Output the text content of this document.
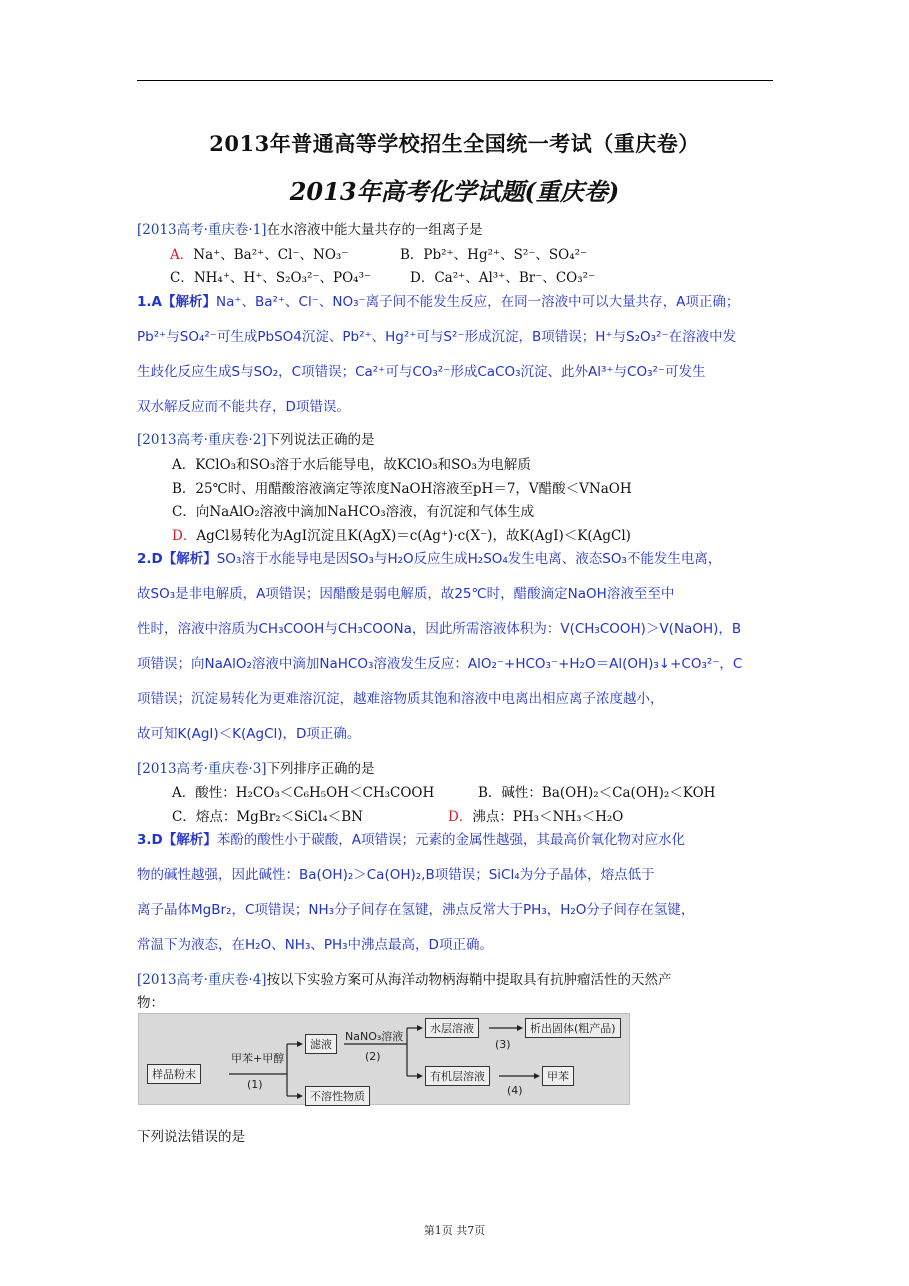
2013年普通高等学校招生全国统一考试（重庆卷）
2013年高考化学试题(重庆卷)
[2013高考·重庆卷·1]在水溶液中能大量共存的一组离子是
A．Na⁺、Ba²⁺、Cl⁻、NO₃⁻	B．Pb²⁺、Hg²⁺、S²⁻、SO₄²⁻
C．NH₄⁺、H⁺、S₂O₃²⁻、PO₄³⁻	D．Ca²⁺、Al³⁺、Br⁻、CO₃²⁻
1.A【解析】Na⁺、Ba²⁺、Cl⁻、NO₃⁻离子间不能发生反应，在同一溶液中可以大量共存，A项正确；
Pb²⁺与SO₄²⁻可生成PbSO4沉淀、Pb²⁺、Hg²⁺可与S²⁻形成沉淀，B项错误；H⁺与S₂O₃²⁻在溶液中发
生歧化反应生成S与SO₂，C项错误；Ca²⁺可与CO₃²⁻形成CaCO₃沉淀、此外Al³⁺与CO₃²⁻可发生
双水解反应而不能共存，D项错误。
[2013高考·重庆卷·2]下列说法正确的是
A．KClO₃和SO₃溶于水后能导电，故KClO₃和SO₃为电解质
B．25℃时、用醋酸溶液滴定等浓度NaOH溶液至pH＝7，V醋酸＜VNaOH
C．向NaAlO₂溶液中滴加NaHCO₃溶液，有沉淀和气体生成
D．AgCl易转化为AgI沉淀且K(AgX)＝c(Ag⁺)·c(X⁻)，故K(AgI)＜K(AgCl)
2.D【解析】SO₃溶于水能导电是因SO₃与H₂O反应生成H₂SO₄发生电离、液态SO₃不能发生电离，
故SO₃是非电解质，A项错误；因醋酸是弱电解质，故25℃时，醋酸滴定NaOH溶液至至中
性时，溶液中溶质为CH₃COOH与CH₃COONa，因此所需溶液体积为：V(CH₃COOH)＞V(NaOH)，B
项错误；向NaAlO₂溶液中滴加NaHCO₃溶液发生反应：AlO₂⁻+HCO₃⁻+H₂O＝Al(OH)₃↓+CO₃²⁻，C
项错误；沉淀易转化为更难溶沉淀，越难溶物质其饱和溶液中电离出相应离子浓度越小，
故可知K(AgI)＜K(AgCl)，D项正确。
[2013高考·重庆卷·3]下列排序正确的是
A．酸性：H₂CO₃＜C₆H₅OH＜CH₃COOH	B．碱性：Ba(OH)₂＜Ca(OH)₂＜KOH
C．熔点：MgBr₂＜SiCl₄＜BN	D．沸点：PH₃＜NH₃＜H₂O
3.D【解析】苯酚的酸性小于碳酸，A项错误；元素的金属性越强，其最高价氧化物对应水化
物的碱性越强，因此碱性：Ba(OH)₂＞Ca(OH)₂,B项错误；SiCl₄为分子晶体，熔点低于
离子晶体MgBr₂，C项错误；NH₃分子间存在氢键，沸点反常大于PH₃，H₂O分子间存在氢键，
常温下为液态，在H₂O、NH₃、PH₃中沸点最高，D项正确。
[2013高考·重庆卷·4]按以下实验方案可从海洋动物柄海鞘中提取具有抗肿瘤活性的天然产
物：
样品粉末
甲苯+甲醇
(1)
滤液
不溶性物质
NaNO₃溶液
(2)
水层溶液
有机层溶液
(3)
(4)
析出固体(粗产品)
甲苯
下列说法错误的是
第1页 共7页
